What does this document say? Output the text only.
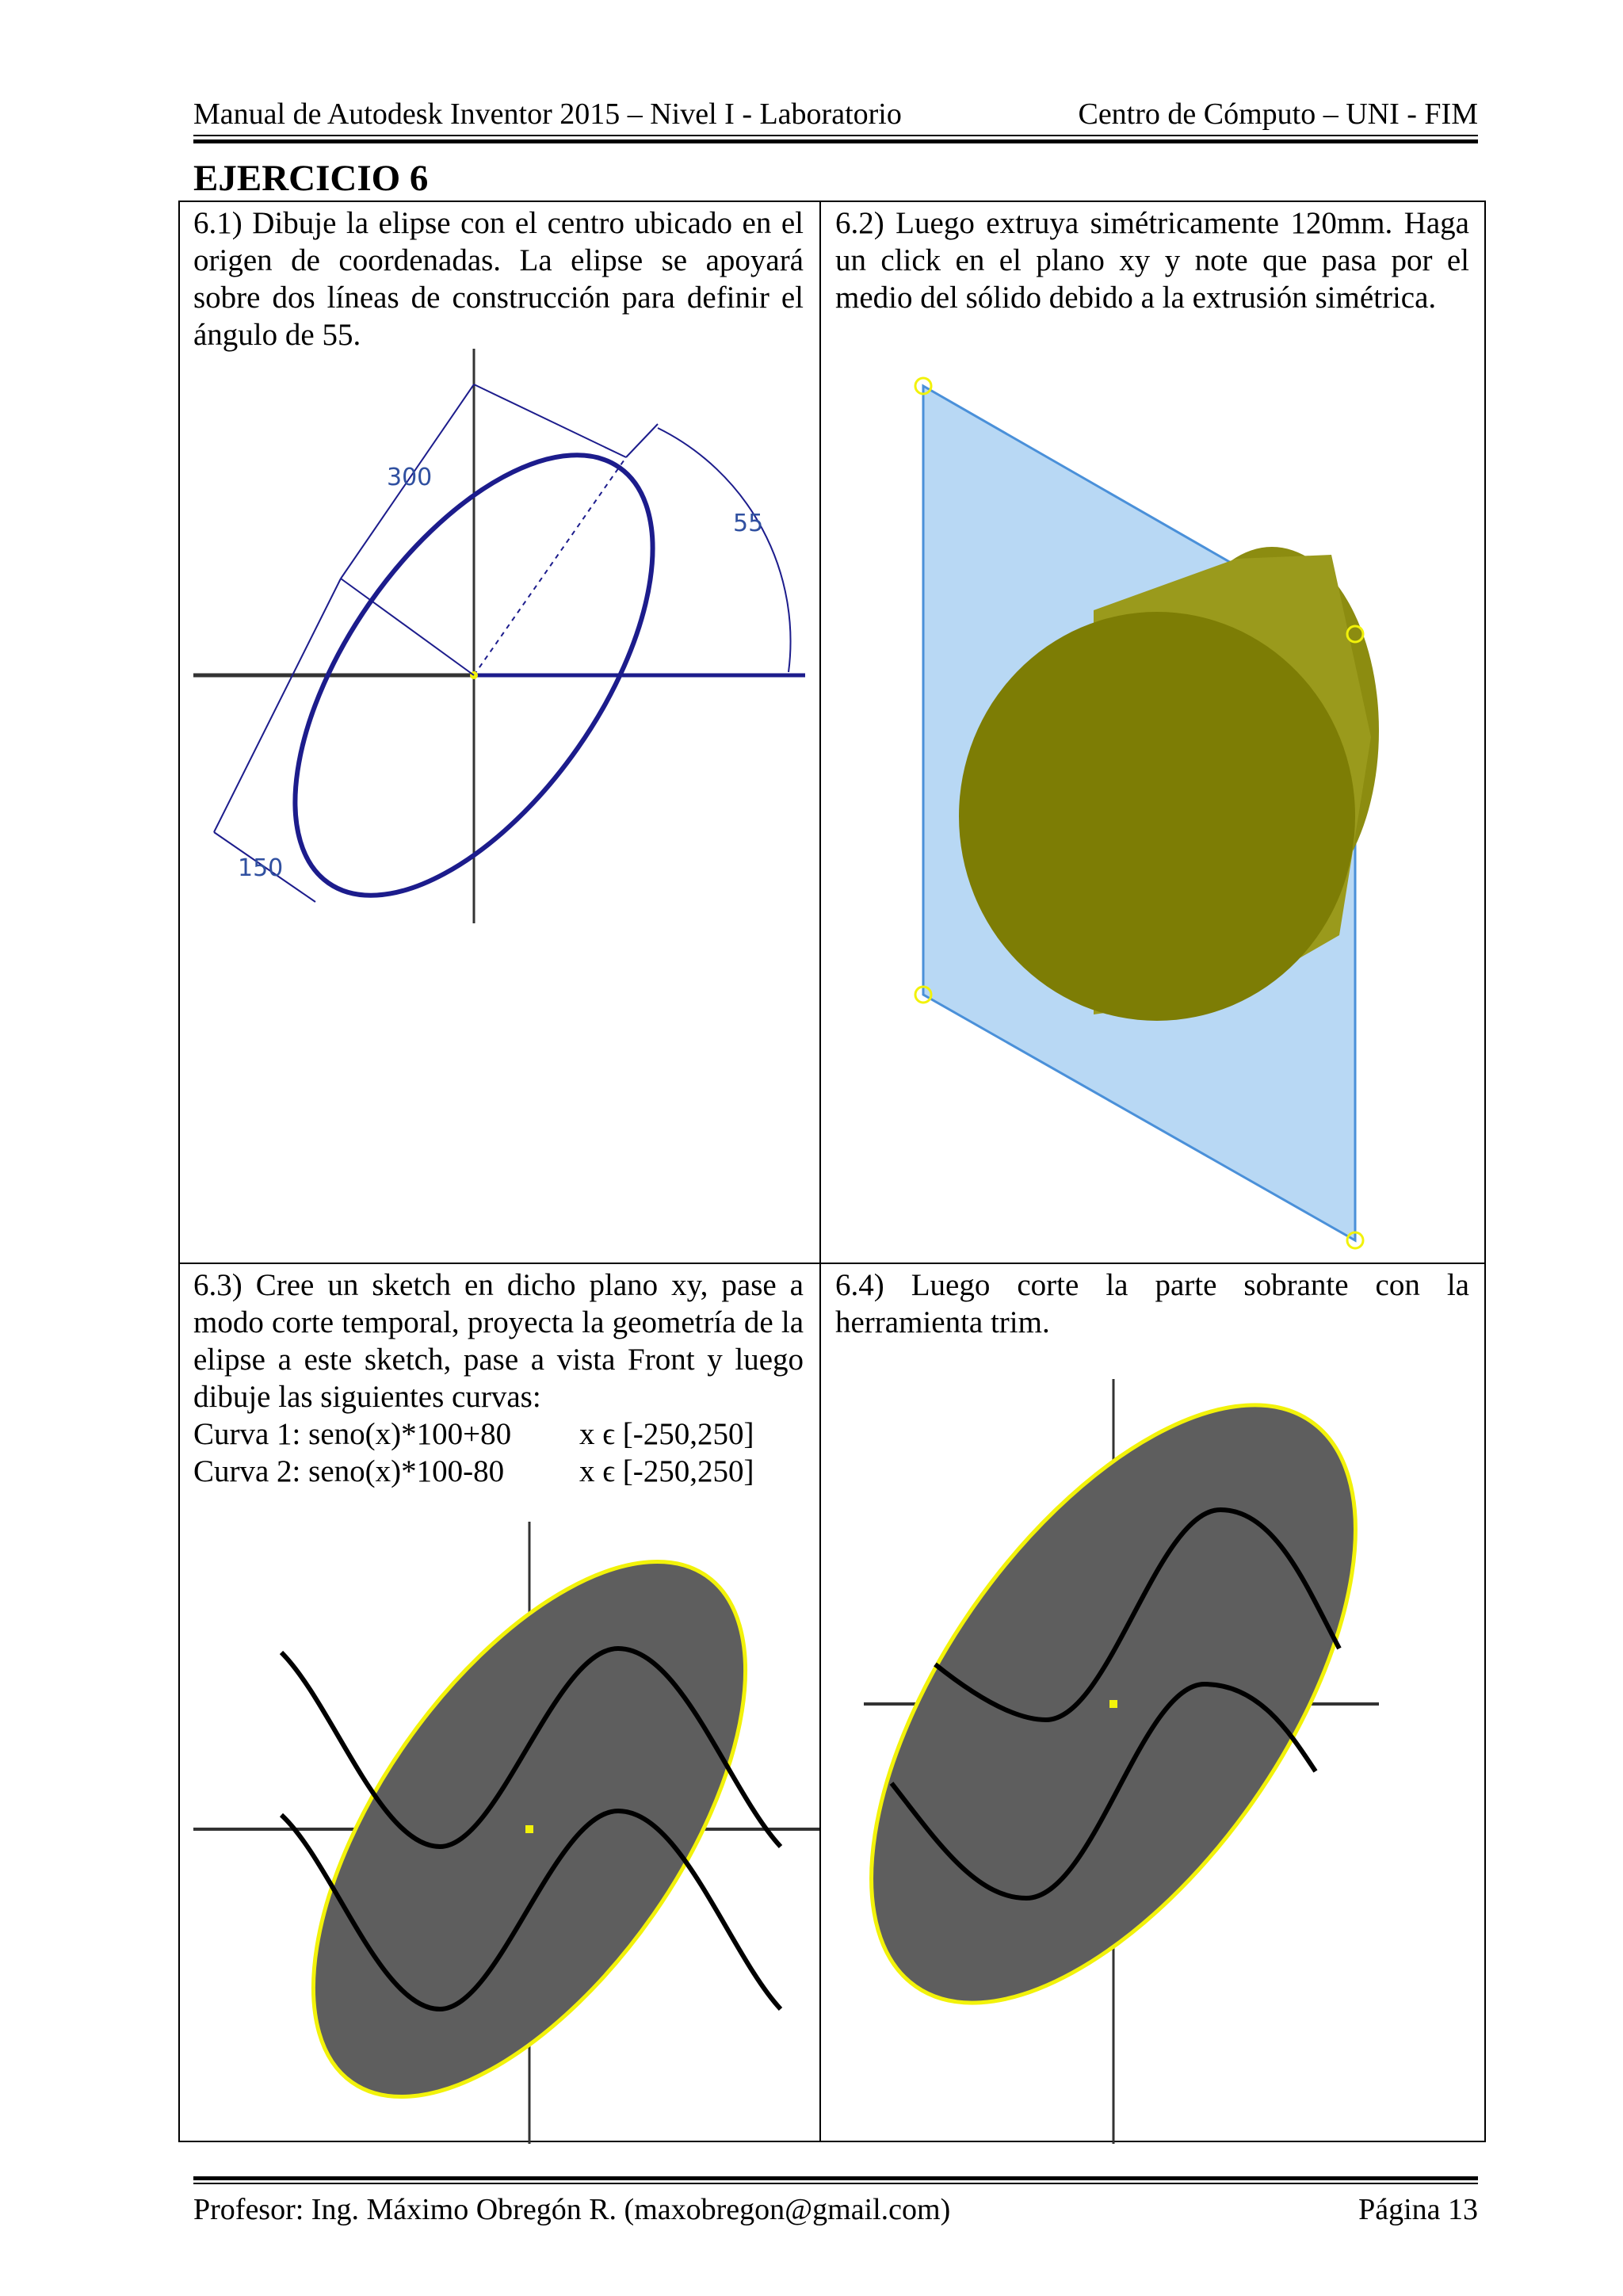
Manual de Autodesk Inventor 2015 – Nivel I - Laboratorio	Centro de Cómputo – UNI - FIM
EJERCICIO 6

6.1) Dibuje la elipse con el centro ubicado en el origen de coordenadas. La elipse se apoyará sobre dos líneas de construcción para definir el ángulo de 55.

6.2) Luego extruya simétricamente 120mm. Haga un click en el plano xy y note que pasa por el medio del sólido debido a la extrusión simétrica.

6.3) Cree un sketch en dicho plano xy, pase a modo corte temporal, proyecta la geometría de la elipse a este sketch, pase a vista Front y luego dibuje las siguientes curvas:

Curva 1: seno(x)*100+80 x ϵ [-250,250]
Curva 2: seno(x)*100-80 x ϵ [-250,250]

6.4) Luego corte la parte sobrante con la herramienta trim.

300
150
55
Profesor: Ing. Máximo Obregón R. (maxobregon@gmail.com)	Página 13
